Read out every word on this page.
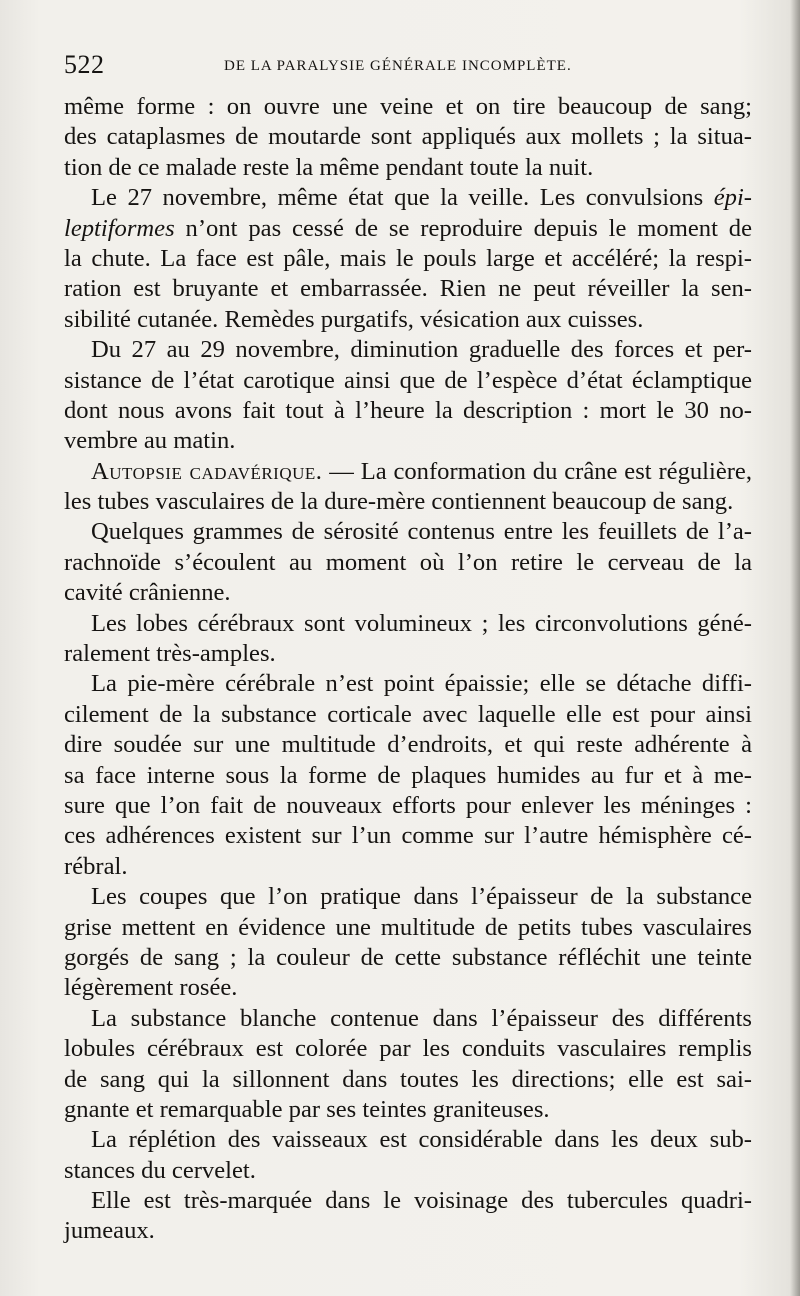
522	DE LA PARALYSIE GÉNÉRALE INCOMPLÈTE.
même forme : on ouvre une veine et on tire beaucoup de sang;
des cataplasmes de moutarde sont appliqués aux mollets ; la situa-
tion de ce malade reste la même pendant toute la nuit.
Le 27 novembre, même état que la veille. Les convulsions épi-
leptiformes n’ont pas cessé de se reproduire depuis le moment de
la chute. La face est pâle, mais le pouls large et accéléré; la respi-
ration est bruyante et embarrassée. Rien ne peut réveiller la sen-
sibilité cutanée. Remèdes purgatifs, vésication aux cuisses.
Du 27 au 29 novembre, diminution graduelle des forces et per-
sistance de l’état carotique ainsi que de l’espèce d’état éclamptique
dont nous avons fait tout à l’heure la description : mort le 30 no-
vembre au matin.
Autopsie cadavérique. — La conformation du crâne est régulière,
les tubes vasculaires de la dure-mère contiennent beaucoup de sang.
Quelques grammes de sérosité contenus entre les feuillets de l’a-
rachnoïde s’écoulent au moment où l’on retire le cerveau de la
cavité crânienne.
Les lobes cérébraux sont volumineux ; les circonvolutions géné-
ralement très-amples.
La pie-mère cérébrale n’est point épaissie; elle se détache diffi-
cilement de la substance corticale avec laquelle elle est pour ainsi
dire soudée sur une multitude d’endroits, et qui reste adhérente à
sa face interne sous la forme de plaques humides au fur et à me-
sure que l’on fait de nouveaux efforts pour enlever les méninges :
ces adhérences existent sur l’un comme sur l’autre hémisphère cé-
rébral.
Les coupes que l’on pratique dans l’épaisseur de la substance
grise mettent en évidence une multitude de petits tubes vasculaires
gorgés de sang ; la couleur de cette substance réfléchit une teinte
légèrement rosée.
La substance blanche contenue dans l’épaisseur des différents
lobules cérébraux est colorée par les conduits vasculaires remplis
de sang qui la sillonnent dans toutes les directions; elle est sai-
gnante et remarquable par ses teintes graniteuses.
La réplétion des vaisseaux est considérable dans les deux sub-
stances du cervelet.
Elle est très-marquée dans le voisinage des tubercules quadri-
jumeaux.
